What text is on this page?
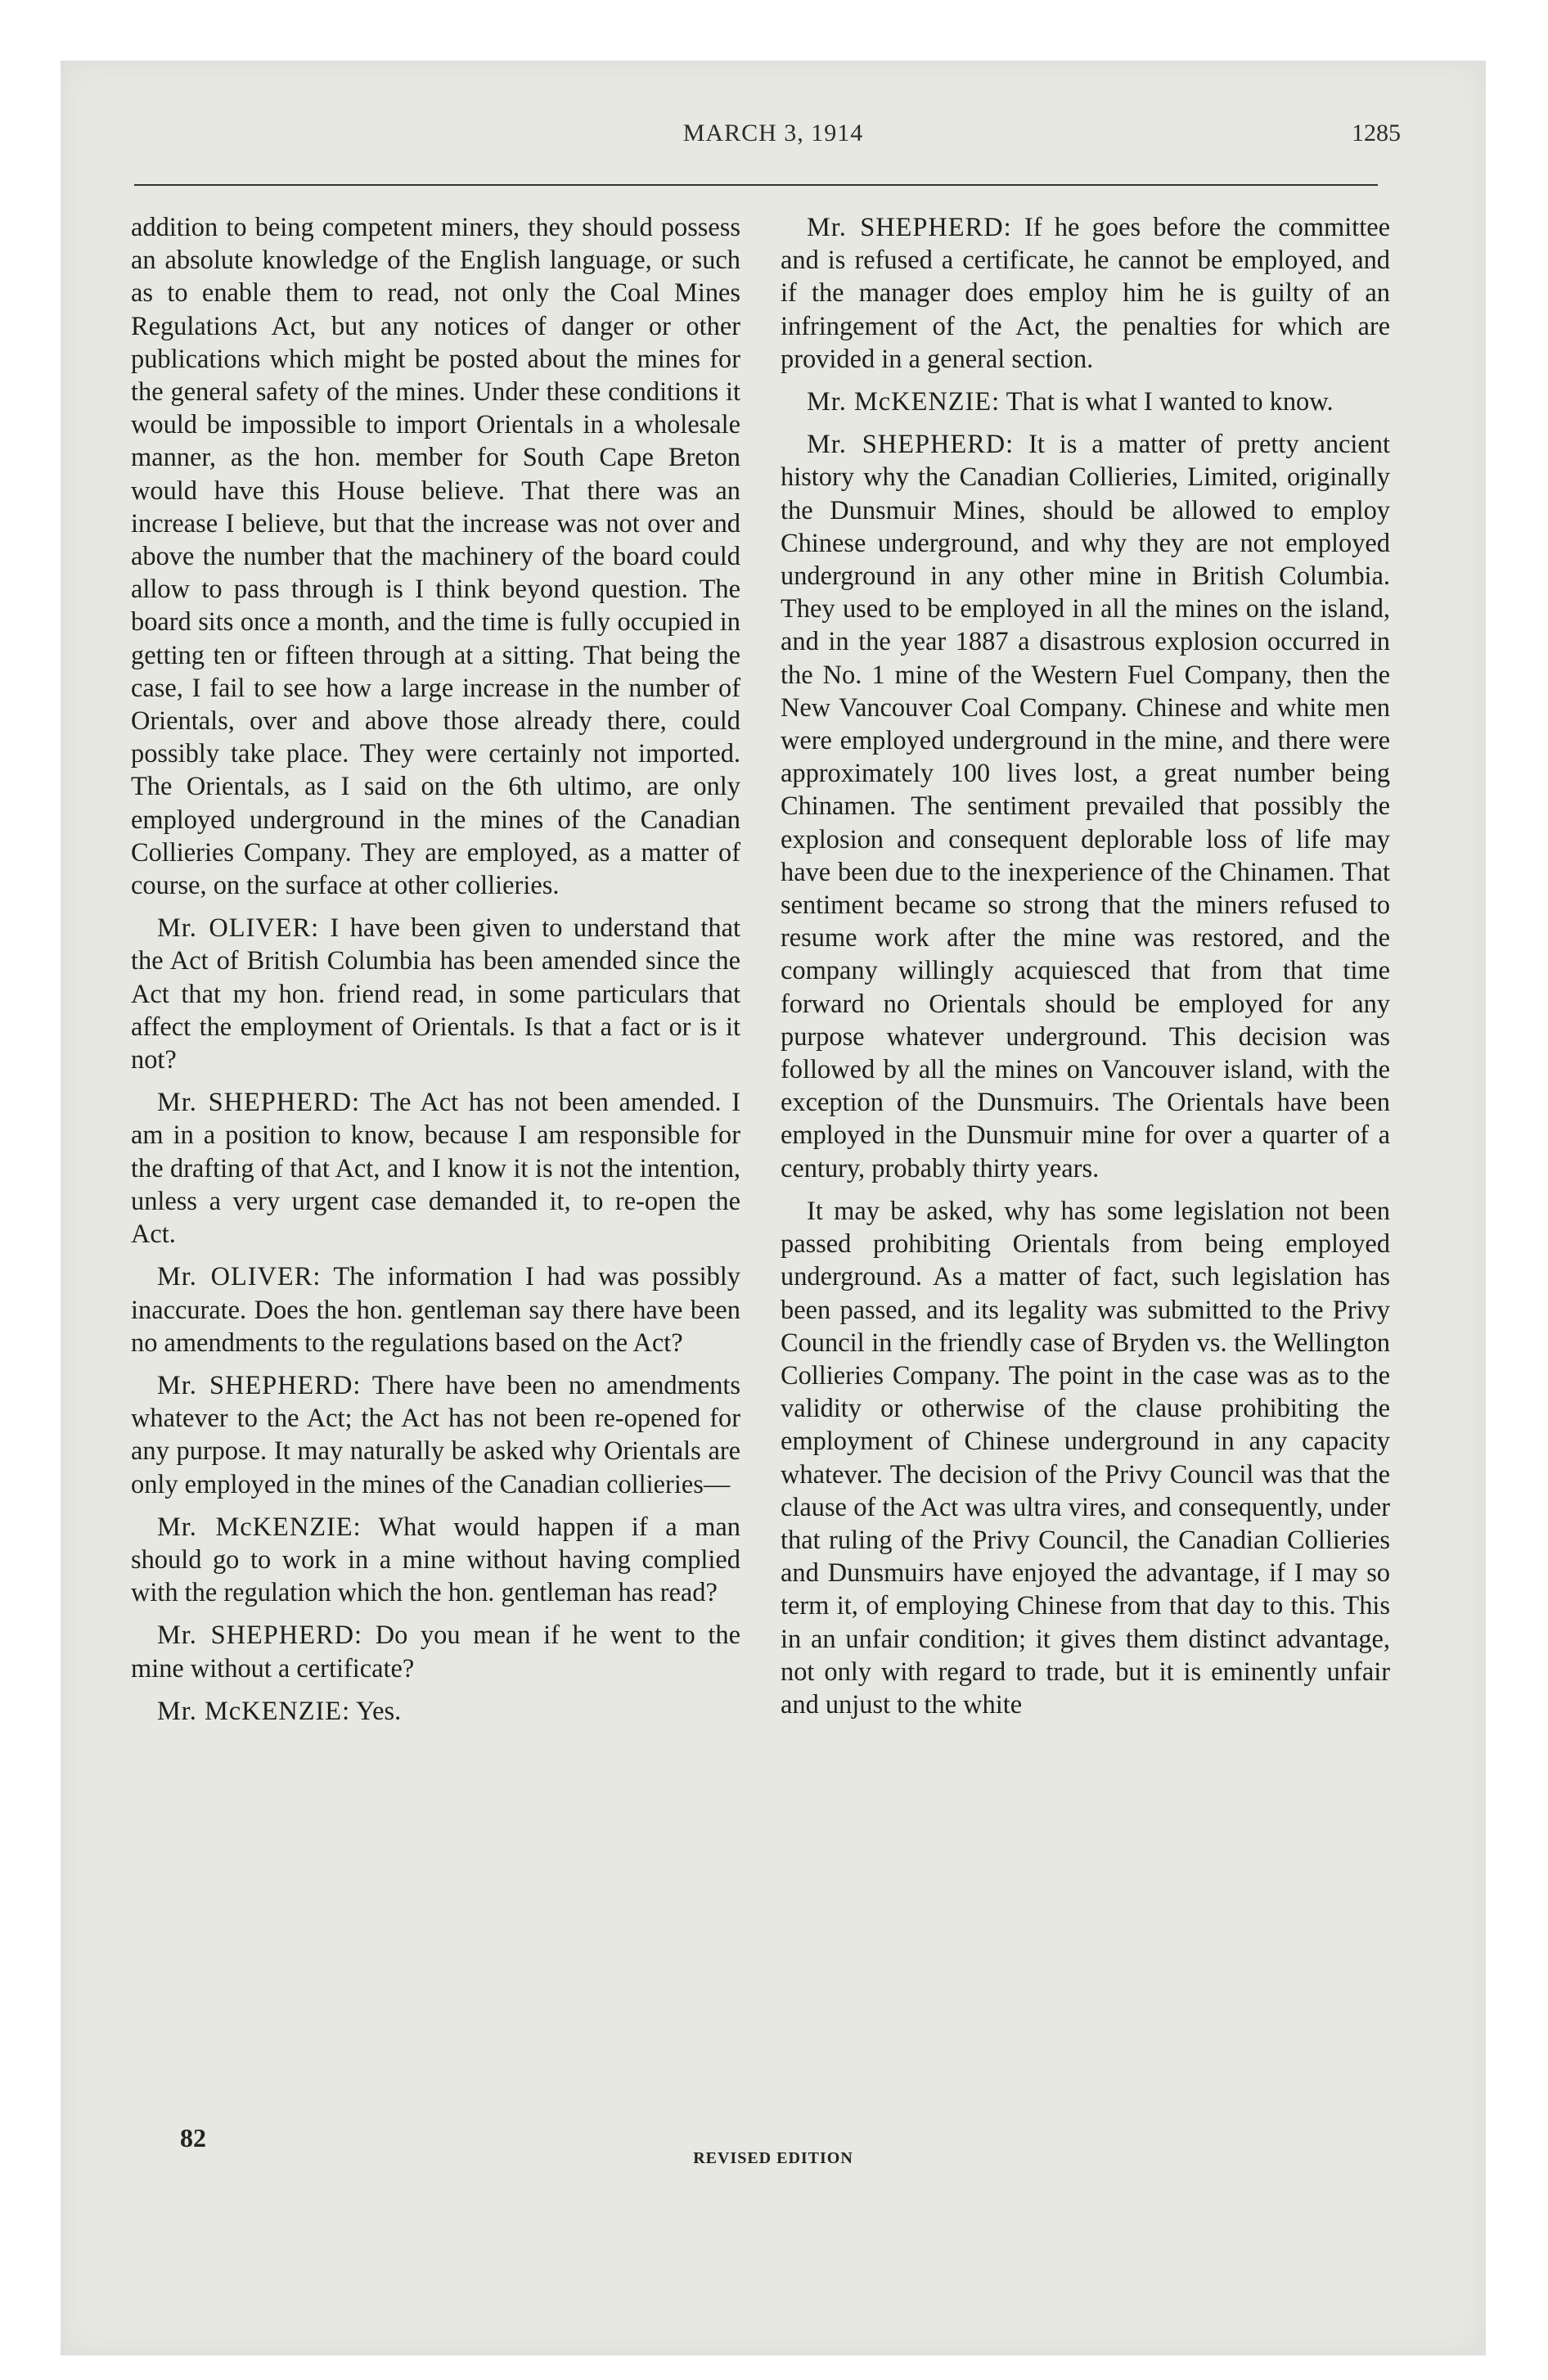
MARCH 3, 1914	1285

addition to being competent miners, they should possess an absolute knowledge of the English language, or such as to enable them to read, not only the Coal Mines Regulations Act, but any notices of danger or other publications which might be posted about the mines for the general safety of the mines. Under these conditions it would be impossible to import Orientals in a wholesale manner, as the hon. member for South Cape Breton would have this House believe. That there was an increase I believe, but that the increase was not over and above the number that the machinery of the board could allow to pass through is I think beyond question. The board sits once a month, and the time is fully occupied in getting ten or fifteen through at a sitting. That being the case, I fail to see how a large increase in the number of Orientals, over and above those already there, could possibly take place. They were certainly not imported. The Orientals, as I said on the 6th ultimo, are only employed underground in the mines of the Canadian Collieries Company. They are employed, as a matter of course, on the surface at other collieries.

Mr. OLIVER: I have been given to understand that the Act of British Columbia has been amended since the Act that my hon. friend read, in some particulars that affect the employment of Orientals. Is that a fact or is it not?

Mr. SHEPHERD: The Act has not been amended. I am in a position to know, because I am responsible for the drafting of that Act, and I know it is not the intention, unless a very urgent case demanded it, to re-open the Act.

Mr. OLIVER: The information I had was possibly inaccurate. Does the hon. gentleman say there have been no amendments to the regulations based on the Act?

Mr. SHEPHERD: There have been no amendments whatever to the Act; the Act has not been re-opened for any purpose. It may naturally be asked why Orientals are only employed in the mines of the Canadian collieries—

Mr. McKENZIE: What would happen if a man should go to work in a mine without having complied with the regulation which the hon. gentleman has read?

Mr. SHEPHERD: Do you mean if he went to the mine without a certificate?

Mr. McKENZIE: Yes.

Mr. SHEPHERD: If he goes before the committee and is refused a certificate, he cannot be employed, and if the manager does employ him he is guilty of an infringement of the Act, the penalties for which are provided in a general section.

Mr. McKENZIE: That is what I wanted to know.

Mr. SHEPHERD: It is a matter of pretty ancient history why the Canadian Collieries, Limited, originally the Dunsmuir Mines, should be allowed to employ Chinese underground, and why they are not employed underground in any other mine in British Columbia. They used to be employed in all the mines on the island, and in the year 1887 a disastrous explosion occurred in the No. 1 mine of the Western Fuel Company, then the New Vancouver Coal Company. Chinese and white men were employed underground in the mine, and there were approximately 100 lives lost, a great number being Chinamen. The sentiment prevailed that possibly the explosion and consequent deplorable loss of life may have been due to the inexperience of the Chinamen. That sentiment became so strong that the miners refused to resume work after the mine was restored, and the company willingly acquiesced that from that time forward no Orientals should be employed for any purpose whatever underground. This decision was followed by all the mines on Vancouver island, with the exception of the Dunsmuirs. The Orientals have been employed in the Dunsmuir mine for over a quarter of a century, probably thirty years.

It may be asked, why has some legislation not been passed prohibiting Orientals from being employed underground. As a matter of fact, such legislation has been passed, and its legality was submitted to the Privy Council in the friendly case of Bryden vs. the Wellington Collieries Company. The point in the case was as to the validity or otherwise of the clause prohibiting the employment of Chinese underground in any capacity whatever. The decision of the Privy Council was that the clause of the Act was ultra vires, and consequently, under that ruling of the Privy Council, the Canadian Collieries and Dunsmuirs have enjoyed the advantage, if I may so term it, of employing Chinese from that day to this. This in an unfair condition; it gives them distinct advantage, not only with regard to trade, but it is eminently unfair and unjust to the white

82
REVISED EDITION
